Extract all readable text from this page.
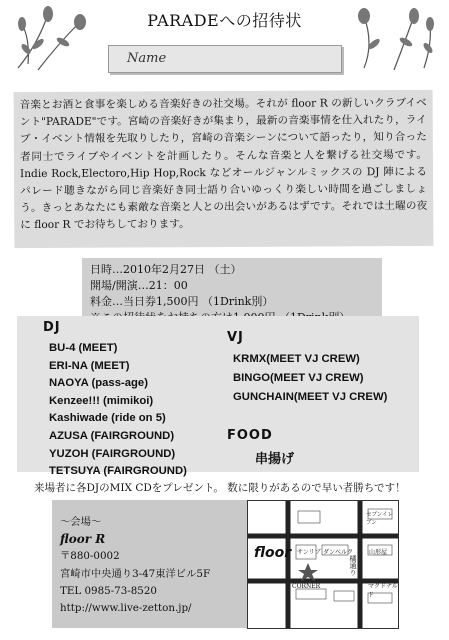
PARADEへの招待状
Name
音楽とお酒と食事を楽しめる音楽好きの社交場。それが floor R の新しいクラブイベント"PARADE"です。宮崎の音楽好きが集まり，最新の音楽事情を仕入れたり，ライブ・イベント情報を先取りしたり，宮崎の音楽シーンについて語ったり，知り合った者同士でライブやイベントを計画したり。そんな音楽と人を繋げる社交場です。Indie Rock,Electoro,Hip Hop,Rock などオールジャンルミックスの DJ 陣によるパレード聴きながら同じ音楽好き同士語り合いゆっくり楽しい時間を過ごしましょう。きっとあなたにも素敵な音楽と人との出会いがあるはずです。それでは土曜の夜に floor R でお待ちしております。
日時…2010年2月27日 （土）
開場/開演…21：00
料金…当日券1,500円 （1Drink別）
DJ
BU-4 (MEET)
ERI-NA (MEET)
NAOYA (pass-age)
Kenzee!!! (mimikoi)
Kashiwade (ride on 5)
AZUSA (FAIRGROUND)
YUZOH (FAIRGROUND)
TETSUYA (FAIRGROUND)
VJ
KRMX(MEET VJ CREW)
BINGO(MEET VJ CREW)
GUNCHAIN(MEET VJ CREW)
FOOD
串揚げ
来場者に各DJのMIX CDをプレゼント。 数に限りがあるので早い者勝ちです！
～会場～
floor R
〒880-0002
宮崎市中央通り3-47東洋ビル5F
TEL 0985-73-8520
http://www.live-zetton.jp/
floor
橘通り
CORNER	マクドナルド
サンリブ ダンベルク	山形屋
セブンイレブン
